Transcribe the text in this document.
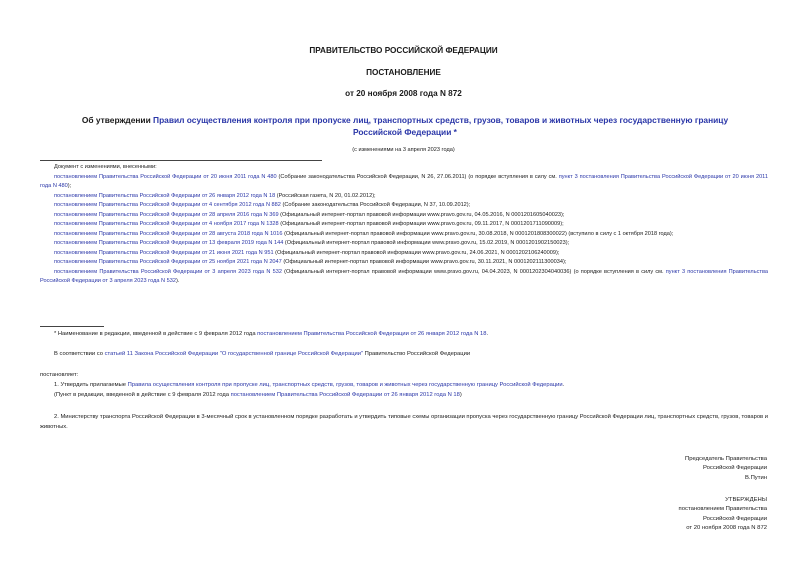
ПРАВИТЕЛЬСТВО РОССИЙСКОЙ ФЕДЕРАЦИИ
ПОСТАНОВЛЕНИЕ
от 20 ноября 2008 года N 872
Об утверждении Правил осуществления контроля при пропуске лиц, транспортных средств, грузов, товаров и животных через государственную границу Российской Федерации *
(с изменениями на 3 апреля 2023 года)

Документ с изменениями, внесенными:

постановлением Правительства Российской Федерации от 20 июня 2011 года N 480 (Собрание законодательства Российской Федерации, N 26, 27.06.2011) (о порядке вступления в силу см. пункт 3 постановления Правительства Российской Федерации от 20 июня 2011 года N 480);

постановлением Правительства Российской Федерации от 26 января 2012 года N 18 (Российская газета, N 20, 01.02.2012);

постановлением Правительства Российской Федерации от 4 сентября 2012 года N 882 (Собрание законодательства Российской Федерации, N 37, 10.09.2012);

постановлением Правительства Российской Федерации от 28 апреля 2016 года N 369 (Официальный интернет-портал правовой информации www.pravo.gov.ru, 04.05.2016, N 0001201605040023);

постановлением Правительства Российской Федерации от 4 ноября 2017 года N 1328 (Официальный интернет-портал правовой информации www.pravo.gov.ru, 09.11.2017, N 0001201711090009);

постановлением Правительства Российской Федерации от 28 августа 2018 года N 1016 (Официальный интернет-портал правовой информации www.pravo.gov.ru, 30.08.2018, N 0001201808300022) (вступило в силу с 1 октября 2018 года);

постановлением Правительства Российской Федерации от 13 февраля 2019 года N 144 (Официальный интернет-портал правовой информации www.pravo.gov.ru, 15.02.2019, N 0001201902150023);

постановлением Правительства Российской Федерации от 21 июня 2021 года N 951 (Официальный интернет-портал правовой информации www.pravo.gov.ru, 24.06.2021, N 0001202106240009);

постановлением Правительства Российской Федерации от 25 ноября 2021 года N 2047 (Официальный интернет-портал правовой информации www.pravo.gov.ru, 30.11.2021, N 0001202111300034);

постановлением Правительства Российской Федерации от 3 апреля 2023 года N 532 (Официальный интернет-портал правовой информации www.pravo.gov.ru, 04.04.2023, N 0001202304040036) (о порядке вступления в силу см. пункт 3 постановления Правительства Российской Федерации от 3 апреля 2023 года N 532).

* Наименование в редакции, введенной в действие с 9 февраля 2012 года постановлением Правительства Российской Федерации от 26 января 2012 года N 18.

В соответствии со статьей 11 Закона Российской Федерации "О государственной границе Российской Федерации" Правительство Российской Федерации

постановляет:

1. Утвердить прилагаемые Правила осуществления контроля при пропуске лиц, транспортных средств, грузов, товаров и животных через государственную границу Российской Федерации.

(Пункт в редакции, введенной в действие с 9 февраля 2012 года постановлением Правительства Российской Федерации от 26 января 2012 года N 18)

2. Министерству транспорта Российской Федерации в 3-месячный срок в установленном порядке разработать и утвердить типовые схемы организации пропуска через государственную границу Российской Федерации лиц, транспортных средств, грузов, товаров и животных.

Председатель Правительства
Российской Федерации
В.Путин
УТВЕРЖДЕНЫ
постановлением Правительства
Российской Федерации
от 20 ноября 2008 года N 872
